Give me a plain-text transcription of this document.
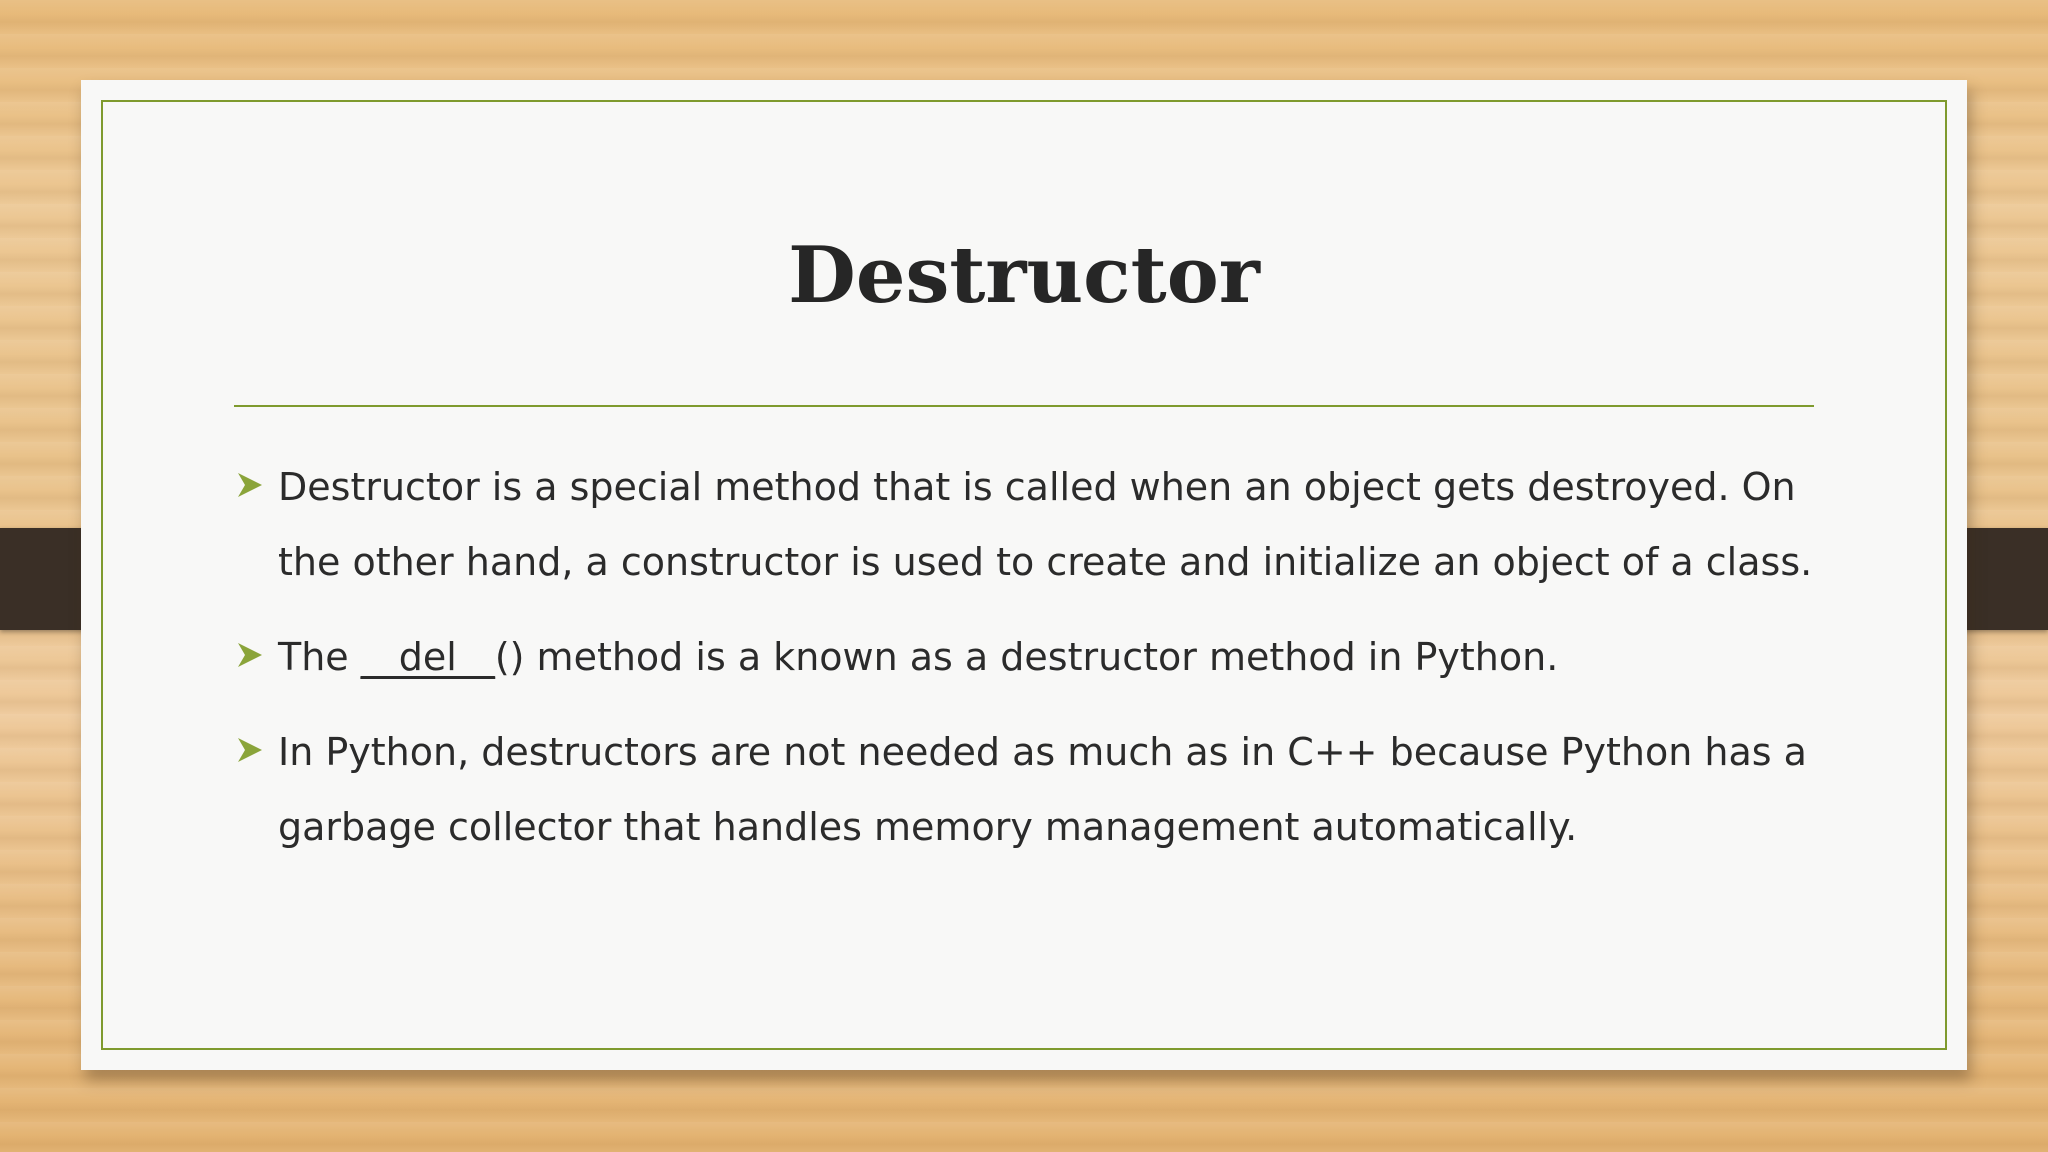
Destructor
Destructor is a special method that is called when an object gets destroyed. On the other hand, a constructor is used to create and initialize an object of a class.
The __del__() method is a known as a destructor method in Python.
In Python, destructors are not needed as much as in C++ because Python has a garbage collector that handles memory management automatically.
